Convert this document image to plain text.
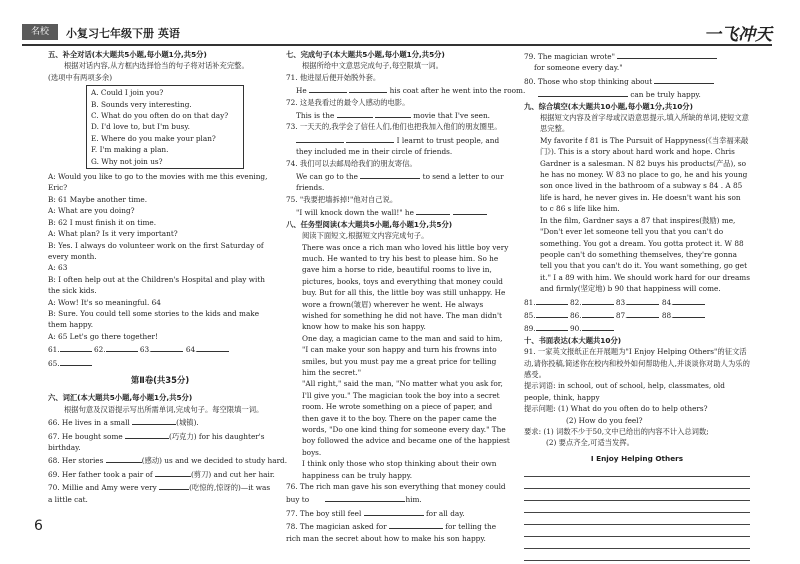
名校	小复习七年级下册 英语	一飞冲天
五、补全对话(本大题共5小题,每小题1分,共5分)
根据对话内容,从方框内选择恰当的句子将对话补充完整。
(选项中有两项多余)
A. Could I join you?
B. Sounds very interesting.
C. What do you often do on that day?
D. I'd love to, but I'm busy.
E. Where do you make your plan?
F. I'm making a plan.
G. Why not join us?
A: Would you like to go to the movies with me this evening, Eric?
B: 61 Maybe another time.
A: What are you doing?
B: 62 I must finish it on time.
A: What plan? Is it very important?
B: Yes. I always do volunteer work on the first Saturday of every month.
A: 63
B: I often help out at the Children's Hospital and play with the sick kids.
A: Wow! It's so meaningful. 64
B: Sure. You could tell some stories to the kids and make them happy.
A: 65 Let's go there together!
61.	62.	63.	64.
65.
第Ⅱ卷(共35分)
六、词汇(本大题共5小题,每小题1分,共5分)
根据句意及汉语提示写出所需单词,完成句子。每空限填一词。
66. He lives in a small	(城镇).
67. He bought some	(巧克力) for his daughter's birthday.
68. Her stories	(感动) us and we decided to study hard.
69. Her father took a pair of	(剪刀) and cut her hair.
70. Millie and Amy were very	(吃惊的,惊讶的)—it was a little cat.
七、完成句子(本大题共5小题,每小题1分,共5分)
根据所给中文意思完成句子,每空限填一词。
71. 他进屋后便开始脱外套。
He	his coat after he went into the room.
72. 这是我看过的最令人感动的电影。
This is the	movie that I've seen.
73. 一天天的,我学会了信任人们,他们也把我加入他们的朋友圈里。
I learnt to trust people, and they included me in their circle of friends.
74. 我们可以去邮局给我们的朋友寄信。
We can go to the	to send a letter to our friends.
75. "我要把墙拆掉!"他对自己说。
"I will knock down the wall!" he
八、任务型阅读(本大题共5小题,每小题1分,共5分)
阅读下面短文,根据短文内容完成句子。
There was once a rich man who loved his little boy very much. He wanted to try his best to please him. So he gave him a horse to ride, beautiful rooms to live in, pictures, books, toys and everything that money could buy. But for all this, the little boy was still unhappy. He wore a frown(皱眉) wherever he went. He always wished for something he did not have. The man didn't know how to make his son happy.
One day, a magician came to the man and said to him, "I can make your son happy and turn his frowns into smiles, but you must pay me a great price for telling him the secret."
"All right," said the man, "No matter what you ask for, I'll give you." The magician took the boy into a secret room. He wrote something on a piece of paper, and then gave it to the boy. There on the paper came the words, "Do one kind thing for someone every day." The boy followed the advice and became one of the happiest boys.
I think only those who stop thinking about their own happiness can be truly happy.
76. The rich man gave his son everything that money could buy to	him.
77. The boy still feel	for all day.
78. The magician asked for	for telling the rich man the secret about how to make his son happy.
79. The magician wrote"
for someone every day."
80. Those who stop thinking about
can be truly happy.
九、综合填空(本大题共10小题,每小题1分,共10分)
根据短文内容及首字母或汉语意思提示,填入所缺的单词,使短文意思完整。
My favorite f 81 is The Pursuit of Happyness(《当幸福来敲门》). This is a story about hard work and hope. Chris Gardner is a salesman. N 82 buys his products(产品), so he has no money. W 83 no place to go, he and his young son once lived in the bathroom of a subway s 84 . A 85 life is hard, he never gives in. He doesn't want his son to c 86 s life like him.
In the film, Gardner says a 87 that inspires(鼓励) me, "Don't ever let someone tell you that you can't do something. You got a dream. You gotta protect it. W 88 people can't do something themselves, they're gonna tell you that you can't do it. You want something, go get it." I a 89 with him. We should work hard for our dreams and firmly(坚定地) b 90 that happiness will come.
81.	82.	83.	84.
85.	86.	87.	88.
89.	90.
十、书面表达(本大题共10分)
91. 一家英文报纸正在开展题为"I Enjoy Helping Others"的征文活动,请你投稿,简述你在校内和校外如何帮助他人,并谈谈你对助人为乐的感受。
提示词语: in school, out of school, help, classmates, old people, think, happy
提示问题: (1) What do you often do to help others?
(2) How do you feel?
要求: (1) 词数不少于50,文中已给出的内容不计入总词数;
(2) 要点齐全,可适当发挥。
I Enjoy Helping Others
6
